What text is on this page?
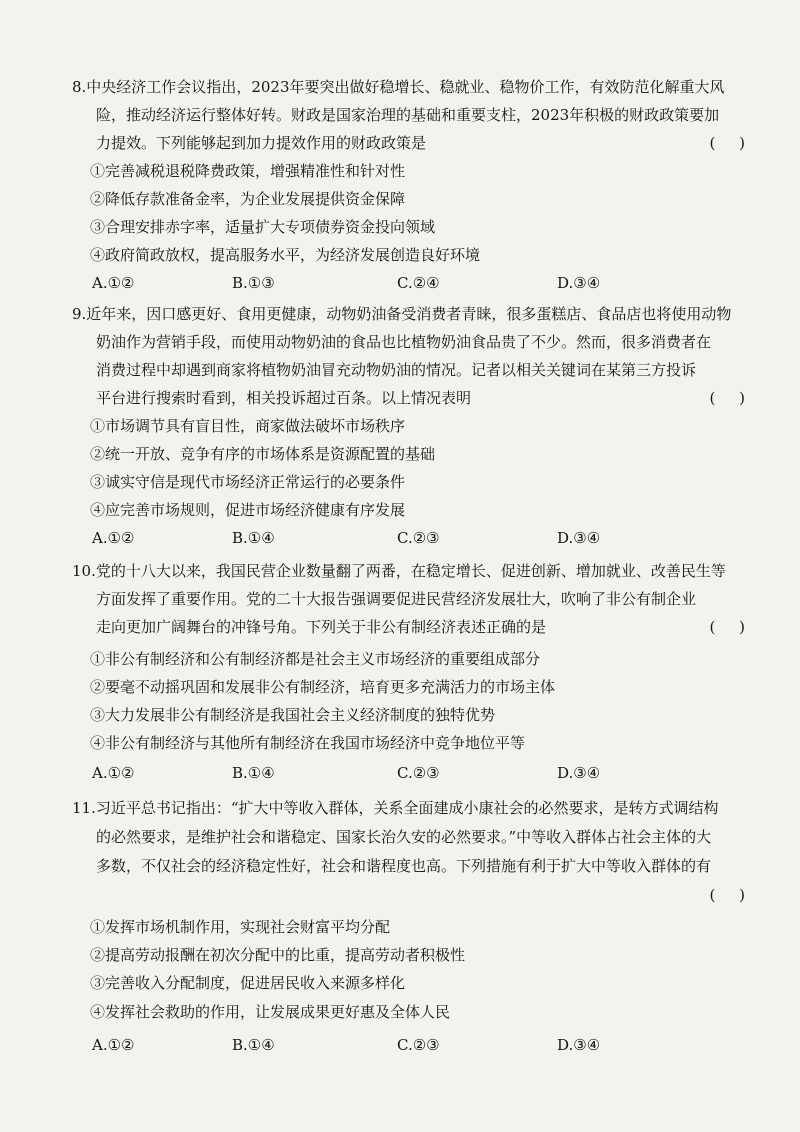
8.中央经济工作会议指出，2023年要突出做好稳增长、稳就业、稳物价工作，有效防范化解重大风
险，推动经济运行整体好转。财政是国家治理的基础和重要支柱，2023年积极的财政政策要加
力提效。下列能够起到加力提效作用的财政政策是	(     )
①完善减税退税降费政策，增强精准性和针对性
②降低存款准备金率，为企业发展提供资金保障
③合理安排赤字率，适量扩大专项债券资金投向领域
④政府简政放权，提高服务水平，为经济发展创造良好环境
A.①②	B.①③	C.②④	D.③④
9.近年来，因口感更好、食用更健康，动物奶油备受消费者青睐，很多蛋糕店、食品店也将使用动物
奶油作为营销手段，而使用动物奶油的食品也比植物奶油食品贵了不少。然而，很多消费者在
消费过程中却遇到商家将植物奶油冒充动物奶油的情况。记者以相关关键词在某第三方投诉
平台进行搜索时看到，相关投诉超过百条。以上情况表明	(     )
①市场调节具有盲目性，商家做法破坏市场秩序
②统一开放、竞争有序的市场体系是资源配置的基础
③诚实守信是现代市场经济正常运行的必要条件
④应完善市场规则，促进市场经济健康有序发展
A.①②	B.①④	C.②③	D.③④
10.党的十八大以来，我国民营企业数量翻了两番，在稳定增长、促进创新、增加就业、改善民生等
方面发挥了重要作用。党的二十大报告强调要促进民营经济发展壮大，吹响了非公有制企业
走向更加广阔舞台的冲锋号角。下列关于非公有制经济表述正确的是	(     )
①非公有制经济和公有制经济都是社会主义市场经济的重要组成部分
②要毫不动摇巩固和发展非公有制经济，培育更多充满活力的市场主体
③大力发展非公有制经济是我国社会主义经济制度的独特优势
④非公有制经济与其他所有制经济在我国市场经济中竞争地位平等
A.①②	B.①④	C.②③	D.③④
11.习近平总书记指出：“扩大中等收入群体，关系全面建成小康社会的必然要求，是转方式调结构
的必然要求，是维护社会和谐稳定、国家长治久安的必然要求。”中等收入群体占社会主体的大
多数，不仅社会的经济稳定性好，社会和谐程度也高。下列措施有利于扩大中等收入群体的有
(     )
①发挥市场机制作用，实现社会财富平均分配
②提高劳动报酬在初次分配中的比重，提高劳动者积极性
③完善收入分配制度，促进居民收入来源多样化
④发挥社会救助的作用，让发展成果更好惠及全体人民
A.①②	B.①④	C.②③	D.③④
